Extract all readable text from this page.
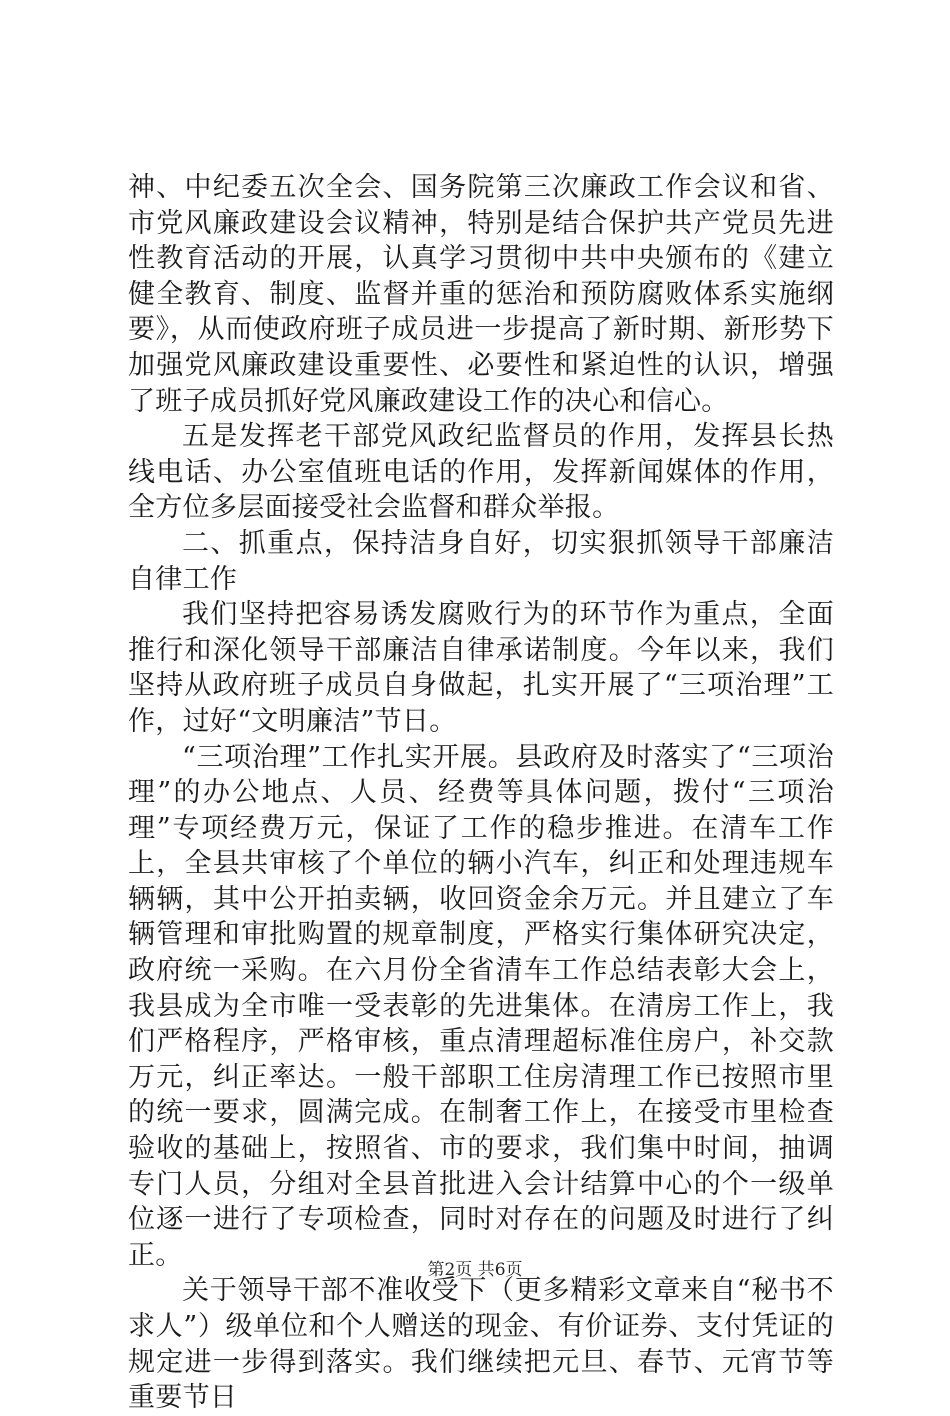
神、中纪委五次全会、国务院第三次廉政工作会议和省、市党风廉政建设会议精神，特别是结合保护共产党员先进性教育活动的开展，认真学习贯彻中共中央颁布的《建立健全教育、制度、监督并重的惩治和预防腐败体系实施纲要》，从而使政府班子成员进一步提高了新时期、新形势下加强党风廉政建设重要性、必要性和紧迫性的认识，增强了班子成员抓好党风廉政建设工作的决心和信心。

五是发挥老干部党风政纪监督员的作用，发挥县长热线电话、办公室值班电话的作用，发挥新闻媒体的作用，全方位多层面接受社会监督和群众举报。

二、抓重点，保持洁身自好，切实狠抓领导干部廉洁自律工作

我们坚持把容易诱发腐败行为的环节作为重点，全面推行和深化领导干部廉洁自律承诺制度。今年以来，我们坚持从政府班子成员自身做起，扎实开展了“三项治理”工作，过好“文明廉洁”节日。

“三项治理”工作扎实开展。县政府及时落实了“三项治理”的办公地点、人员、经费等具体问题，拨付“三项治理”专项经费万元，保证了工作的稳步推进。在清车工作上，全县共审核了个单位的辆小汽车，纠正和处理违规车辆辆，其中公开拍卖辆，收回资金余万元。并且建立了车辆管理和审批购置的规章制度，严格实行集体研究决定，政府统一采购。在六月份全省清车工作总结表彰大会上，我县成为全市唯一受表彰的先进集体。在清房工作上，我们严格程序，严格审核，重点清理超标准住房户，补交款万元，纠正率达。一般干部职工住房清理工作已按照市里的统一要求，圆满完成。在制奢工作上，在接受市里检查验收的基础上，按照省、市的要求，我们集中时间，抽调专门人员，分组对全县首批进入会计结算中心的个一级单位逐一进行了专项检查，同时对存在的问题及时进行了纠正。

关于领导干部不准收受下（更多精彩文章来自“秘书不求人”）级单位和个人赠送的现金、有价证券、支付凭证的规定进一步得到落实。我们继续把元旦、春节、元宵节等重要节日

第2页 共6页
